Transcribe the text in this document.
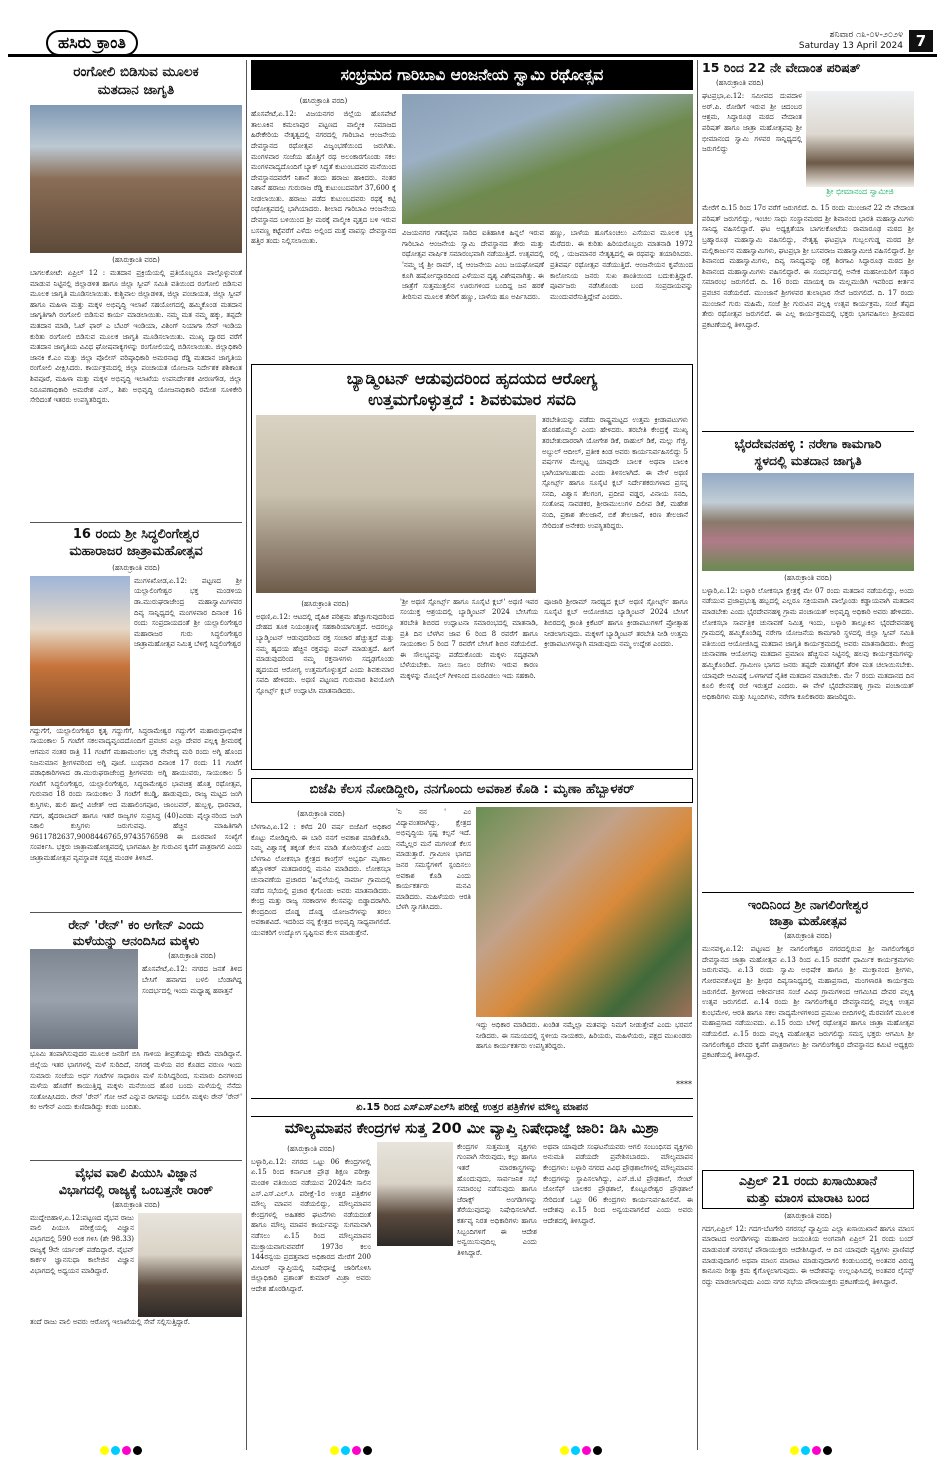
ಹಸಿರು ಕ್ರಾಂತಿ	ಶನಿವಾರ ೧೩-೦೪-೨೦೨೪
Saturday 13 April 2024 7
ರಂಗೋಲಿ ಬಿಡಿಸುವ ಮೂಲಕ
ಮತದಾನ ಜಾಗೃತಿ
(ಹಸಿರುಕ್ರಾಂತಿ ವರದಿ)

ಬಾಗಲಕೋಟೆ: ಏಪ್ರಿಲ್ 12 : ಮತದಾನ ಪ್ರಕ್ರಿಯೆಯಲ್ಲಿ ಪ್ರತಿಯೊಬ್ಬರೂ ಪಾಲ್ಗೊಳ್ಳುವಂತೆ ಮಾಡುವ ನಿಟ್ಟಿನಲ್ಲಿ ಜಿಲ್ಲಾಡಳಿತ ಹಾಗೂ ಜಿಲ್ಲಾ ಸ್ವೀಪ್ ಸಮಿತಿ ವತಿಯಿಂದ ರಂಗೋಲಿ ಬಿಡಿಸುವ ಮೂಲಕ ಜಾಗೃತಿ ಮೂಡಿಸಲಾಯಿತು. ಕುಶ್ಚಿವಾಲ ಜಿಲ್ಲಾಡಳಿತ, ಜಿಲ್ಲಾ ಪಂಚಾಯತ, ಜಿಲ್ಲಾ ಸ್ವೀಪ್ ಹಾಗೂ ಮಹಿಳಾ ಮತ್ತು ಮಕ್ಕಳ ಅಭಿವೃದ್ಧಿ ಇಲಾಖೆ ಸಹಯೋಗದಲ್ಲಿ ಹಮ್ಮಿಕೊಂಡ ಮತದಾನ ಜಾಗೃತಿಗಾಗಿ ರಂಗೋಲಿ ಬಿಡಿಸುವ ಕಾರ್ಯ ಮಾಡಲಾಯಿತು. ನಮ್ಮ ಮತ ನಮ್ಮ ಹಕ್ಕು, ತಪ್ಪದೇ ಮತದಾನ ಮಾಡಿ, ಓಟ್ ಫಾರ್ ಎ ಬೆಟರ್ ಇಂಡಿಯಾ, ವಿಶಿಂಗ್‌ ನಿಯಾಗಾ ಸೇವ್ ಇಂಡಿಯ ಕುರಿತು ರಂಗೋಲಿ ಬಿಡಿಸುವ ಮೂಲಕ ಜಾಗೃತಿ ಮೂಡಿಸಲಾಯಿತು. ಮುಖ್ಯ ದ್ವಾರದ ವರೆಗೆ ಮತದಾನ ಜಾಗೃತಿಯ ವಿವಿಧ ಘೋಷವಾಕ್ಯಗಳನ್ನು ರಂಗೋಲಿಯಲ್ಲಿ ಬಿಡಿಸಲಾಯಿತು. ಜಿಲ್ಲಾಧಿಕಾರಿ ಜಾನಕಿ ಕೆ.ಎಂ ಮತ್ತು ಜಿಲ್ಲಾ ಪೊಲೀಸ್ ವರಿಷ್ಠಾಧಿಕಾರಿ ಅಮರನಾಥ ರೆಡ್ಡಿ ಮತದಾನ ಜಾಗೃತಿಯ ರಂಗೋಲಿ ವೀಕ್ಷಿಸಿದರು. ಕಾರ್ಯಕ್ರಮದಲ್ಲಿ ಜಿಲ್ಲಾ ಪಂಚಾಯತ ಯೋಜನಾ ನಿರ್ದೇಶಕ ಶಶಿಕಾಂತ ಶಿವಪೂರೆ, ಮಹಿಳಾ ಮತ್ತು ಮಕ್ಕಳ ಅಭಿವೃದ್ಧಿ ಇಲಾಖೆಯ ಉಪನಿರ್ದೇಶಕ ವೀರಣಗೌಡ, ಜಿಲ್ಲಾ ನಿರೂಪಣಾಧಿಕಾರಿ ಅಮರೇಶ ಎಸ್., ಶಿಶು ಅಭಿವೃದ್ಧಿ ಯೋಜನಾಧಿಕಾರಿ ರಮೇಶ ಸೂಳಿಕೇರಿ ಸೇರಿದಂತೆ ಇತರರು ಉಪಸ್ಥಿತರಿದ್ದರು.

16 ರಂದು ಶ್ರೀ ಸಿದ್ಧಲಿಂಗೇಶ್ವರ
ಮಹಾರಾಜರ ಜಾತ್ರಾಮಹೋತ್ಸವ
(ಹಸಿರುಕ್ರಾಂತಿ ವರದಿ)

ಮುಗಳಖೋಡ,ಏ.12: ಪಟ್ಟಣದ ಶ್ರೀ ಯಲ್ಲಾಲಿಂಗೇಶ್ವರ ಭಕ್ತ ಮಂಡಳಿಯ ಡಾ.ಮುರುಘರಾಜೇಂದ್ರ ಮಹಾಸ್ವಾಮಿಗಳವರ ದಿವ್ಯ ಸಾನ್ನಿಧ್ಯದಲ್ಲಿ ಮಂಗಳವಾರ ದಿನಾಂಕ 16 ರಂದು ಸಂಪ್ರದಾಯದಂತೆ ಶ್ರೀ ಯಲ್ಲಾಲಿಂಗೇಶ್ವರ ಮಹಾರಾಜರ ಗುರು ಸಿದ್ಧಲಿಂಗೇಶ್ವರ ಜಾತ್ರಾಮಹೋತ್ಸವ ನಿಮಿತ್ತ ಬೆಳಿಗ್ಗೆ ಸಿದ್ಧಲಿಂಗೇಶ್ವರ

ಗದ್ದುಗೆಗೆ, ಯಲ್ಲಾಲಿಂಗೇಶ್ವರ ಕೃತೃ ಗದ್ದುಗೆಗೆ, ಸಿದ್ಧರಾಮೇಶ್ವರ ಗದ್ದುಗೆಗೆ ಮಹಾರುದ್ರಾಭಿಷೇಕ ಸಾಯಂಕಾಲ 5 ಗಂಟೆಗೆ ಸಕಲವಾದ್ಯವೃಂದದೊಂದಿಗೆ ಪ್ರವಚನ ಎಲ್ಲಾ ದೇವರ ಪಲ್ಲಕ್ಕಿ ಶ್ರೀಮಠಕ್ಕೆ ಆಗಮನ ನಂತರ ರಾತ್ರಿ 11 ಗಂಟೆಗೆ ಮಹಾಮಂಗಲ ಭಕ್ತ ನೇವೇದ್ಯ ಮರಿ ರಂದು ಅಗ್ನಿ ಹೊಂದ ನಿಜನುಮಾನ ಶ್ರೀಗಳವರಿಂದ ಅಗ್ನಿ ಪೂಜೆ. ಬುಧವಾರ ದಿನಾಂಕ 17 ರಂದು 11 ಗಂಟೆಗೆ ಪಡಾಧಿಕಾರಿಗಳಾದ ಡಾ.ಮುರುಘರಾಜೇಂದ್ರ ಶ್ರೀಗಳವರು ಅಗ್ನಿ ಹಾಯುವರು, ಸಾಯಂಕಾಲ 5 ಗಂಟೆಗೆ ಸಿದ್ಧಲಿಂಗೇಶ್ವರ, ಯಲ್ಲಾಲಿಂಗೇಶ್ವರ, ಸಿದ್ಧರಾಮೇಶ್ವರ ಭಾವಚಿತ್ರ ಹೊತ್ತ ರಥೋತ್ಸವ, ಗುರುವಾರ 18 ರಂದು ಸಾಯಂಕಾಲ 3 ಗಂಟೆಗೆ ಕಬಡ್ಡಿ, ಹಾಡುವುದು, ರಾಜ್ಯ ಮಟ್ಟದ ಜಂಗಿ ಕುಸ್ತಿಗಳು, ಹುಲಿ ಹಾಲ್ಗೆ ವಿಜೇತ್ ಆದ ಮಹಾಲಿಂಗಪೂರ, ಜಾಂಬವರ್, ಹುಬ್ಬಳ್ಳಿ, ಧಾರವಾಡ, ಗದಗ, ಹೈದರಾಬಾದ್ ಹಾಗೂ ಇತರೆ ರಾಜ್ಯಗಳ ಸುಪ್ರಸಿದ್ಧ (40)ಎರಡು ಪೈಲ್ವಾನರಿಂದ ಜಂಗಿ ನಿಕಾಲಿ ಕುಸ್ತಿಗಳು ಜರುಗುವವು. ಹೆಚ್ಚಿನ ಮಾಹಿತಿಗಾಗಿ 9611782637,9008446765,9743576598 ಈ ದೂರವಾಣಿ ಸಂಖ್ಯೆಗೆ ಸಂಪರ್ಕಿಸಿ. ಭಕ್ತರು ಜಾತ್ರಾಮಹೋತ್ಸವದಲ್ಲಿ ಭಾಗವಹಿಸಿ ಶ್ರೀ ಗುರುವಿನ ಕೃಪೆಗೆ ಪಾತ್ರರಾಗಲಿ ಎಂದು ಜಾತ್ರಾಮಹೋತ್ಸವ ವ್ಯವಸ್ಥಾಪಕ ಸದ್ಭಕ್ತ ಮಂಡಳಿ ತಿಳಿಸಿದೆ.

ರೇನ್ 'ರೇನ್' ಕಂ ಅಗೇನ್ ಎಂದು
ಮಳೆಯನ್ನು ಆನಂದಿಸಿದ ಮಕ್ಕಳು
(ಹಸಿರುಕ್ರಾಂತಿ ವರದಿ)

ಹೊಸಪೇಟೆ,ಏ.12: ನಗರದ ಜನತೆ ತಿಳಿದ ಬೇಸಿಗೆ ಹವಾಗದ ಬಳಲಿ ಬೆಂಡಾಗಿದ್ದ ಸಂದರ್ಭದಲ್ಲಿ ಇಂದು ಮಧ್ಯಾಹ್ನ ಹಠಾತ್ತನೆ

ಭೂಮಿ ತಂಪಾಗಿಸುವುದರ ಮೂಲಕ ಜನರಿಗೆ ಬಿಸಿ ಗಾಳಿಯ ತೀವ್ರತೆಯನ್ನು ಕಡಿಮೆ ಮಾಡಿದ್ದಾನೆ. ಜಿಲ್ಲೆಯ ಇತರ ಭಾಗಗಳಲ್ಲಿ ಮಳೆ ಸುರಿದಿದೆ, ನಗರಕ್ಕೆ ಮಳೆಯ ವರ ಕೊಡದ ವರುಣ ಇಂದು ಸುಮಾರು ಸಂಜೆಯ ಅರ್ಧ ಗಂಟೆಗಳ ಸಾಧಾರಣ ಮಳೆ ಸುರಿಸಿದ್ದರಿಂದ, ಸುಮಾರು ದಿನಗಳಿಂದ ಮಳೆಯ ಹೊಡೆಗೆ ಕಾಯುತ್ತಿದ್ದ ಮಕ್ಕಳು ಮನೆಯಿಂದ ಹೊರ ಬಂದು ಮಳೆಯಲ್ಲಿ ನೆನೆದು ಸಂತೋಷಿಸಿದರು. ರೇನ್ 'ರೇನ್' ಗೋ ಆವೆ ಎನ್ನುವ ರಾಗವನ್ನು ಬದಲಿಸಿ ಮಕ್ಕಳು ರೇನ್ 'ರೇನ್' ಕಂ ಅಗೇನ್ ಎಂದು ಕುಣಿದಾಡಿದ್ದು ಕಂಡು ಬಂದಿತು.

ವೈಭವ ವಾಲಿ ಪಿಯುಸಿ ವಿಜ್ಞಾನ
ವಿಭಾಗದಲ್ಲಿ ರಾಜ್ಯಕ್ಕೆ ಒಂಬತ್ತನೇ ರಾಂಕ್
(ಹಸಿರುಕ್ರಾಂತಿ ವರದಿ)

ಮುದ್ದೇಬಿಹಾಳ,ಏ.12:ಪಟ್ಟಣದ ವೈಭವ ರಾಜು ವಾಲಿ ಪಿಯುಸಿ ಪರೀಕ್ಷೆಯಲ್ಲಿ ವಿಜ್ಞಾನ ವಿಭಾಗದಲ್ಲಿ 590 ಅಂಕ ಗಳಿಸಿ (ಶೇ 98.33) ರಾಜ್ಯಕ್ಕೆ 9ನೇ ರ್ಯಾಂಕ್ ಪಡೆದಿದ್ದಾರೆ. ವೈಭವ್ ಕಾರ್ಕಳ ಜ್ಞಾನಸುಧಾ ಕಾಲೇಜಿನ ವಿಜ್ಞಾನ ವಿಭಾಗದಲ್ಲಿ ಅಧ್ಯಯನ ಮಾಡಿದ್ದಾರೆ.

ತಂದೆ ರಾಜು ವಾಲಿ ಅವರು ಆರೋಗ್ಯ ಇಲಾಖೆಯಲ್ಲಿ ಸೇವೆ ಸಲ್ಲಿಸುತ್ತಿದ್ದಾರೆ.

ಸಂಭ್ರಮದ ಗಾರಿಬಾವಿ ಆಂಜನೇಯ ಸ್ವಾಮಿ ರಥೋತ್ಸವ
(ಹಸಿರುಕ್ರಾಂತಿ ವರದಿ)

ಹೊಸಪೇಟೆ,ಏ.12: ವಿಜಯನಗರ ಜಿಲ್ಲೆಯ ಹೊಸಪೇಟೆ ತಾಲೂಕಿನ ಕಮಲಾಪುರ ಪಟ್ಟಣದ ವಾಲ್ಮೀಕಿ ಸಮಾಜದ ಹಿರೇಕೇರಿಯ ನೇತೃತ್ವದಲ್ಲಿ ನಗರದಲ್ಲಿ ಗಾರಿಬಾವಿ ಆಂಜನೇಯ ದೇವಸ್ಥಾನದ ರಥೋತ್ಸವ ವಿಜೃಂಭಣೆಯಿಂದ ಜರುಗಿತು. ಮಂಗಳವಾರ ಸಂಜೆಯ ಹೊತ್ತಿಗೆ ರಥ ಅಲಂಕಾರಗೊಂಡು ಸಕಲ ಮಂಗಳವಾದ್ಯದೊಂದಿಗೆ ಬ್ಯಾಕ್ ಸಿದ್ಧತೆ ಕುಟುಂಬದವರ ಮನೆಯಿಂದ ದೇವಸ್ಥಾನದವರೆಗೆ ನಿಶಾನೆ ತಂದು ಹರಾಜು ಹಾಕಿದರು. ನಂತರ ನಿಶಾನೆ ಹರಾಜು ಗುರುರಾಜ ರೆಡ್ಡಿ ಕುಟುಂಬದವರಿಗೆ 37,600 ಕ್ಕೆ ನೀಡಲಾಯಿತು. ಹರಾಜು ಪಡೆದ ಕುಟುಂಬದವರು ರಥಕ್ಕೆ ಕಟ್ಟಿ ರಥೋತ್ಸವದಲ್ಲಿ ಭಾಗಿಯಾದರು. ಶೀಲಾದ ಗಾರಿಬಾವಿ ಆಂಜನೇಯ ದೇವಸ್ಥಾನದ ಬಳಿಯಿಂದ ಶ್ರೀ ಮಠಕ್ಕೆ ವಾಲ್ಮೀಕಿ ವೃತ್ತದ ಬಳಿ ಇರುವ ಬಸವಣ್ಣ ಕಟ್ಟೆವರೆಗೆ ಎಳೆದು ಅಲ್ಲಿಂದ ಮತ್ತೆ ವಾಪಸ್ಸು ದೇವಸ್ಥಾನದ ಹತ್ತಿರ ತಂದು ನಿಲ್ಲಿಸಲಾಯಿತು.

ವಿಜಯನಗರ ಗತವೈಭವ ಸಾರಿದ ಐತಿಹಾಸಿಕ ಹಿನ್ನಲೆ ಇರುವ ಗಾರಿಬಾವಿ ಆಂಜನೇಯ ಸ್ವಾಮಿ ದೇವಸ್ಥಾನದ ತೇರು ಮತ್ತು ರಥೋತ್ಸವ ವಾರ್ಷಿಕ ಸಮಾರಂಭವಾಗಿ ನಡೆಯುತ್ತಿದೆ. ಉತ್ಸವದಲ್ಲಿ 'ನಮ್ಮ ಜೈ ಶ್ರೀ ರಾಮ್, ಜೈ ಆಂಜನೇಯ ಎಂಬ ಜಯಘೋಷಣೆ ಕೂಗಿ ಹರ್ಷೋದ್ಗಾರದಿಂದ ಎಳೆಯುವ ದೃಶ್ಯ ವಿಶೇಷವಾಗಿತ್ತು. ಈ ಜಾತ್ರೆಗೆ ಸುತ್ತಮುತ್ತಲಿನ ಊರುಗಳಿಂದ ಬಂದಿದ್ದ ಜನ ಹರಕೆ ತೀರಿಸುವ ಮೂಲಕ ತೇರಿಗೆ ಹಣ್ಣು, ಬಾಳೆಯ ಹೂ ಅರ್ಪಿಸಿದರು.

ಹಣ್ಣು, ಬಾಳೆಯ ಹೂಗೊಂಚಲು ಎಸೆಯುವ ಮೂಲಕ ಭಕ್ತಿ ಮೆರೆದರು. ಈ ಕುರಿತು ಹಿರಿಯರೊಬ್ಬರು ಮಾತನಾಡಿ 1972 ರಲ್ಲಿ , ಯಜಮಾನರ ನೇತೃತ್ವದಲ್ಲಿ ಈ ರಥವನ್ನು ತಯಾರಿಸಿದರು. ಪ್ರತಿವರ್ಷ ರಥೋತ್ಸವ ನಡೆಯುತ್ತಿದೆ. ಆಂಜನೇಯನ ಕೃಪೆಯಿಂದ ಕಾಲೋನಿಯ ಜನರು ಸುಖ ಶಾಂತಿಯಿಂದ ಬದುಕುತ್ತಿದ್ದಾರೆ. ಪೂರ್ವಜರು ನಡೆಸಿಕೊಂಡು ಬಂದ ಸಂಪ್ರದಾಯವನ್ನು ಮುಂದುವರೆಸುತ್ತಿದ್ದೇವೆ ಎಂದರು.

ಬ್ಯಾಡ್ಮಿಂಟನ್ ಆಡುವುದರಿಂದ ಹೃದಯದ ಆರೋಗ್ಯ
ಉತ್ತಮಗೊಳ್ಳುತ್ತದೆ : ಶಿವಕುಮಾರ ಸವದಿ

ತರಬೇತಿಯನ್ನು ಪಡೆದು ರಾಷ್ಟ್ರಮಟ್ಟದ ಉತ್ತಮ ಕ್ರೀಡಾಪಟುಗಳು ಹೊರಹೊಮ್ಮಲಿ ಎಂದು ಹೇಳಿದರು. ತರಬೇತಿ ಕೇಂದ್ರಕ್ಕೆ ಮುಖ್ಯ ತರಬೇತುದಾರರಾಗಿ ಯೋಗೇಶ ಡಿಕೆ, ರಾಹುಲ್ ಡಿಕೆ, ಮಲ್ಲು ಗೆಜ್ಜಿ, ಅಬ್ದುಲ್ ಆದೀಲ್, ಪ್ರತೀಕ ಕಿಂಡ ಅವರು ಕಾರ್ಯನಿರ್ವಹಿಸಲಿದ್ದು 5 ವರ್ಷಗಳ ಮೇಲ್ಪಟ್ಟ ಯಾವುದೇ ಬಾಲಕ ಅಥವಾ ಬಾಲಕಿ ಭಾಗಿಯಾಗಬಹುದು ಎಂದು ತಿಳಿಸಲಾಗಿದೆ. ಈ ವೇಳೆ ಅಥಣಿ ಸ್ಪೋರ್ಟ್ಸ್ ಹಾಗೂ ಸೂಸೈಟಿ ಕ್ಲಬ್ ನಿರ್ದೇಶಕರುಗಳಾದ ಪ್ರಸನ್ನ ಸನದಿ, ವಿಶ್ವಾಸ ತೆಲಗಂಗ, ಪ್ರದೀಪ ವಡ್ಡರ, ವಿನಾಯ ಸನದಿ, ಸಂತೋಷ ಸಾವಡಕರ, ಶ್ರೀರಾಮುಲುಗಳ ದಿಲೀಪ ಡಿಕೆ, ಮಹೇಶ ನಂದಿ, ಪ್ರಕಾಶ ತೇಲಜಾನೆ, ಬಿಕೆ ತೇಲಜಾನೆ, ಕಿರಣ ತೇಲಜಾನೆ ಸೇರಿದಂತೆ ಅನೇಕರು ಉಪಸ್ಥಿತರಿದ್ದರು.

(ಹಸಿರುಕ್ರಾಂತಿ ವರದಿ)

ಅಥಣಿ,ಏ.12: ಆಟದಲ್ಲಿ ದೈಹಿಕ ಪರಿಶ್ರಮ ಹೆಚ್ಚಾಗುವುದರಿಂದ ದೇಹದ ತೂಕ ನಿಯಂತ್ರಣಕ್ಕೆ ಸಹಕಾರಿಯಾಗುತ್ತದೆ. ಅದರಲ್ಲೂ ಬ್ಯಾಡ್ಮಿಂಟನ್ ಆಡುವುದರಿಂದ ರಕ್ತ ಸಂಚಾರ ಹೆಚ್ಚುತ್ತದೆ ಮತ್ತು ನಮ್ಮ ಹೃದಯ ಹೆಚ್ಚಿನ ರಕ್ತವನ್ನು ಪಂಪ್ ಮಾಡುತ್ತದೆ. ಹೀಗೆ ಮಾಡುವುದರಿಂದ ನಮ್ಮ ರಕ್ತನಾಳಗಳು ಸದೃಢಗೊಂಡು ಹೃದಯದ ಆರೋಗ್ಯ ಉತ್ತಮಗೊಳ್ಳುತ್ತದೆ ಎಂದು ಶಿವಕುಮಾರ ಸವದಿ ಹೇಳಿದರು. ಅಥಣಿ ಪಟ್ಟಣದ ಗುರುವಾರ ಶಿವಯೋಗಿ ಸ್ಪೋರ್ಟ್ಸ್ ಕ್ಲಬ್ ಉದ್ಘಾಟಿಸಿ ಮಾತನಾಡಿದರು.

'ಶ್ರೀ ಅಥಣಿ ಸ್ಪೋರ್ಟ್ಸ್ ಹಾಗೂ ಸೂಸೈಟಿ ಕ್ಲಬ್' ಅಥಣಿ ಇವರ ಸಂಯುಕ್ತ ಆಶ್ರಯದಲ್ಲಿ ಬ್ಯಾಡ್ಮಿಂಟನ್ 2024 ಬೇಸಿಗೆಯ ತರಬೇತಿ ಶಿಬಿರದ ಉದ್ಘಾಟನಾ ಸಮಾರಂಭದಲ್ಲಿ ಮಾತನಾಡಿ, ಪ್ರತಿ ದಿನ ಬೆಳಗಿನ ಜಾವ 6 ರಿಂದ 8 ರವರೆಗೆ ಹಾಗೂ ಸಾಯಂಕಾಲ 5 ರಿಂದ 7 ರವರೆಗೆ ಬೇಸಿಗೆ ಶಿಬಿರ ನಡೆಯಲಿದೆ. ಈ ಸೌಲಭ್ಯವನ್ನು ಪಡೆದುಕೊಂಡು ಮಕ್ಕಳು ಸದೃಢವಾಗಿ ಬೆಳೆಯಬೇಕು. ಸಾಲು ಸಾಲು ರಜೆಗಳು ಇರುವ ಕಾರಣ ಮಕ್ಕಳನ್ನು ಮೊಬೈಲ್ ಗೀಳಿನಿಂದ ದೂರವಿಡಲು ಇದು ಸಹಕಾರಿ.

ಪೂಜಾರಿ ಶ್ರೀರಾಮ್ ಸಾರಥ್ಯದ ಕ್ಲಬ್ ಅಥಣಿ ಸ್ಪೋರ್ಟ್ಸ್ ಹಾಗೂ ಸೂಸೈಟಿ ಕ್ಲಬ್ ಆಯೋಜಿಸಿದ ಬ್ಯಾಡ್ಮಿಂಟನ್ 2024 ಬೇಸಿಗೆ ಶಿಬಿರದಲ್ಲಿ ಕ್ರಾಂತಿ ಕ್ರಿಕೆಟರ್ ಹಾಗೂ ಕ್ರೀಡಾಪಟುಗಳಿಗೆ ಪ್ರೋತ್ಸಾಹ ನೀಡಲಾಗುವುದು. ಮಕ್ಕಳಿಗೆ ಬ್ಯಾಡ್ಮಿಂಟನ್ ತರಬೇತಿ ನೀಡಿ ಉತ್ತಮ ಕ್ರೀಡಾಪಟುಗಳನ್ನಾಗಿ ಮಾಡುವುದು ನಮ್ಮ ಉದ್ದೇಶ ಎಂದರು.

ಬಿಜೆಪಿ ಕೆಲಸ ನೋಡಿದ್ದೀರಿ, ನನಗೊಂದು ಅವಕಾಶ ಕೊಡಿ : ಮೃಣಾ ಹೆಬ್ಬಾಳಕರ್
(ಹಸಿರುಕ್ರಾಂತಿ ವರದಿ)

ಬೆಳಗಾವಿ,ಏ.12 : ಕಳೆದ 20 ವರ್ಷ ಬಿಜೆಪಿಗೆ ಅಧಿಕಾರ ಕೊಟ್ಟು ನೋಡಿದ್ದೀರಿ. ಈ ಬಾರಿ ನನಗೆ ಅವಕಾಶ ಮಾಡಿಕೊಡಿ. ನಿಮ್ಮ ವಿಶ್ವಾಸಕ್ಕೆ ತಕ್ಕಂತೆ ಕೆಲಸ ಮಾಡಿ ತೋರಿಸುತ್ತೇನೆ ಎಂದು ಬೆಳಗಾವಿ ಲೋಕಸಭಾ ಕ್ಷೇತ್ರದ ಕಾಂಗ್ರೆಸ್ ಅಭ್ಯರ್ಥಿ ಮೃಣಾಲ ಹೆಬ್ಬಾಳಕರ್ ಮತದಾರರಲ್ಲಿ ಮನವಿ ಮಾಡಿದರು. ಲೋಕಸಭಾ ಚುನಾವಣೆಯ ಪ್ರಚಾರದ 'ಹಿನ್ನೆಲೆಯಲ್ಲಿ ನಾರ್ಮಾ ಗ್ರಾಮದಲ್ಲಿ ನಡೆದ ಸಭೆಯಲ್ಲಿ ಪ್ರಚಾರ ಕೈಗೊಂಡು ಅವರು ಮಾತನಾಡಿದರು. ಕೇಂದ್ರ ಮತ್ತು ರಾಜ್ಯ ಸರಕಾರಗಳ ಕೆಲಸವನ್ನು ಬಿಡ್ಡಾದರಾಗಿರಿ. ಕೇಂದ್ರದಿಂದ ದೊಡ್ಡ ದೊಡ್ಡ ಯೋಜನೆಗಳನ್ನು ತರಲು ಅವಕಾಶವಿದೆ. ಇದರಿಂದ ನನ್ನ ಕ್ಷೇತ್ರದ ಅಭಿವೃದ್ಧಿ ಸಾಧ್ಯವಾಗಲಿದೆ. ಯುವಕರಿಗೆ ಉದ್ಯೋಗ ಸೃಷ್ಟಿಸುವ ಕೆಲಸ ಮಾಡುತ್ತೇನೆ.

'ನಿ ನನ ' ಎಂ ವಿದ್ಯಾವಂತರಾಗಿದ್ದು, ಕ್ಷೇತ್ರದ ಅಭಿವೃದ್ಧಿಯ ಸ್ಪಷ್ಟ ಕಲ್ಪನೆ ಇದೆ. ನಮ್ಮೆಲ್ಲರ ಮನೆ ಮಗಳಂತೆ ಕೆಲಸ ಮಾಡುತ್ತಾರೆ. ಗ್ರಾಮೀಣ ಭಾಗದ ಜನರ ಸಮಸ್ಯೆಗಳಿಗೆ ಸ್ಪಂದಿಸಲು ಅವಕಾಶ ಕೊಡಿ ಎಂದು ಕಾರ್ಯಕರ್ತರು ಮನವಿ ಮಾಡಿದರು. ಮಹಿಳೆಯರು ಆರತಿ ಬೆಳಗಿ ಸ್ವಾಗತಿಸಿದರು.

ಇದ್ದು ಅಧಿಕಾರ ಮಾಡಿದರು. ಖಂಡಿತ ನಮ್ಮೆಲ್ಲಾ ಮತವನ್ನು ನಿಮಗೆ ನೀಡುತ್ತೇವೆ ಎಂದು ಭರವಸೆ ನೀಡಿದರು. ಈ ಸಮಯದಲ್ಲಿ ಸ್ಥಳೀಯ ನಾಯಕರು, ಹಿರಿಯರು, ಮಹಿಳೆಯರು, ಪಕ್ಷದ ಮುಖಂಡರು ಹಾಗೂ ಕಾರ್ಯಕರ್ತರು ಉಪಸ್ಥಿತರಿದ್ದರು.

****
ಏ.15 ರಿಂದ ಎಸ್‌ಎಸ್‌ಎಲ್‌ಸಿ ಪರೀಕ್ಷೆ ಉತ್ತರ ಪತ್ರಿಕೆಗಳ ಮೌಲ್ಯ ಮಾಪನ
ಮೌಲ್ಯಮಾಪನ ಕೇಂದ್ರಗಳ ಸುತ್ತ 200 ಮೀ ವ್ಯಾಪ್ತಿ ನಿಷೇಧಾಜ್ಞೆ ಜಾರಿ: ಡಿಸಿ ಮಿಶ್ರಾ
(ಹಸಿರುಕ್ರಾಂತಿ ವರದಿ)

ಬಳ್ಳಾರಿ,ಏ.12: ನಗರದ ಒಟ್ಟು 06 ಕೇಂದ್ರಗಳಲ್ಲಿ ಏ.15 ರಿಂದ ಕರ್ನಾಟಕ ಪ್ರೌಢ ಶಿಕ್ಷಣ ಪರೀಕ್ಷಾ ಮಂಡಳಿ ವತಿಯಿಂದ ನಡೆಯುವ 2024ನೇ ಸಾಲಿನ ಎಸ್.ಎಸ್.ಎಲ್.ಸಿ ಪರೀಕ್ಷೆ-1ರ ಉತ್ತರ ಪತ್ರಿಕೆಗಳ ಮೌಲ್ಯ ಮಾಪನ ನಡೆಯಲಿದ್ದು, ಮೌಲ್ಯಮಾಪನ ಕೇಂದ್ರಗಳಲ್ಲಿ ಅಹಿತಕರ ಘಟನೆಗಳು ನಡೆಯದಂತೆ ಹಾಗೂ ಮೌಲ್ಯ ಮಾಪನ ಕಾರ್ಯವನ್ನು ಸುಗಮವಾಗಿ ನಡೆಸಲು ಏ.15 ರಿಂದ ಮೌಲ್ಯಮಾಪನ ಮುಕ್ತಾಯವಾಗುವವರೆಗೆ 1973ರ ಕಲಂ 144ರನ್ವಯ ಪ್ರದತ್ತವಾದ ಅಧಿಕಾರದ ಮೇರೆಗೆ 200 ಮೀಟರ್ ವ್ಯಾಪ್ತಿಯಲ್ಲಿ ನಿಷೇಧಾಜ್ಞೆ ಜಾರಿಗೊಳಿಸಿ ಜಿಲ್ಲಾಧಿಕಾರಿ ಪ್ರಶಾಂತ್ ಕುಮಾರ್ ಮಿಶ್ರಾ ಅವರು ಆದೇಶ ಹೊರಡಿಸಿದ್ದಾರೆ.

ಕೇಂದ್ರಗಳ ಸುತ್ತಮುತ್ತ ವ್ಯಕ್ತಿಗಳು ಗುಂಪಾಗಿ ಸೇರುವುದು, ಕಲ್ಲು ಹಾಗೂ ಇತರೆ ಮಾರಕಾಸ್ತ್ರಗಳನ್ನು ಹೊಂದುವುದು, ಸಾರ್ವಜನಿಕ ಸಭೆ ಸಮಾರಂಭ ನಡೆಸುವುದು ಹಾಗೂ ಜೆರಾಕ್ಸ್ ಅಂಗಡಿಗಳನ್ನು ತೆರೆಯುವುದನ್ನು ನಿಷೇಧಿಸಲಾಗಿದೆ. ಕರ್ತವ್ಯ ನಿರತ ಅಧಿಕಾರಿಗಳು ಹಾಗೂ ಸಿಬ್ಬಂದಿಗಳಿಗೆ ಈ ಆದೇಶ ಅನ್ವಯಿಸುವುದಿಲ್ಲ ಎಂದು ತಿಳಿಸಿದ್ದಾರೆ.

ಅಥವಾ ಯಾವುದೇ ಸಂಘಟನೆಯವರು ಆಗಲಿ ಸಂಬಂಧಿಸದ ವ್ಯಕ್ತಿಗಳು ಅನುಮತಿ ಪಡೆಯದೇ ಪ್ರವೇಶಿಸಬಾರದು. ಮೌಲ್ಯಮಾಪನ ಕೇಂದ್ರಗಳು: ಬಳ್ಳಾರಿ ನಗರದ ವಿವಿಧ ಪ್ರೌಢಶಾಲೆಗಳಲ್ಲಿ ಮೌಲ್ಯಮಾಪನ ಕೇಂದ್ರಗಳನ್ನು ಸ್ಥಾಪಿಸಲಾಗಿದ್ದು, ಎಸ್.ಜಿ.ಟಿ ಪ್ರೌಢಶಾಲೆ, ಸೇಂಟ್ ಜೋಸೆಫ್ ಬಾಲಕರ ಪ್ರೌಢಶಾಲೆ, ಕೊಟ್ಟೂರೇಶ್ವರ ಪ್ರೌಢಶಾಲೆ ಸೇರಿದಂತೆ ಒಟ್ಟು 06 ಕೇಂದ್ರಗಳು ಕಾರ್ಯನಿರ್ವಹಿಸಲಿವೆ. ಈ ಆದೇಶವು ಏ.15 ರಿಂದ ಅನ್ವಯವಾಗಲಿದೆ ಎಂದು ಅವರು ಆದೇಶದಲ್ಲಿ ತಿಳಿಸಿದ್ದಾರೆ.

15 ರಿಂದ 22 ನೇ ವೇದಾಂತ ಪರಿಷತ್
(ಹಸಿರುಕ್ರಾಂತಿ ವರದಿ)

ಘಟಪ್ರಭಾ,ಏ.12: ಸಮೀಪದ ದುಪದಾಳ ಅರ್.ಪಿ. ರೋಡಿಗೆ ಇರುವ ಶ್ರೀ ಚಿದಂಬರ ಆಶ್ರಮ, ಸಿದ್ಧಾರೂಢ ಮಠದ ವೇದಾಂತ ಪರಿಷತ್ ಹಾಗೂ ಜಾತ್ರಾ ಮಹೋತ್ಸವವು ಶ್ರೀ ಭೀಮಾನಂದ ಸ್ವಾಮಿ ಗಳವರ ಸಾನ್ನಿಧ್ಯದಲ್ಲಿ ಜರುಗಲಿದ್ದು

ಶ್ರೀ ಭೀಮಾನಂದ ಸ್ವಾಮೀಜಿ

ಮೇರೆಗೆ ದಿ.15 ರಿಂದ 17ರ ವರೆಗೆ ಜರುಗಲಿದೆ. ದಿ. 15 ರಂದು ಮುಂಜಾನೆ 22 ನೇ ವೇದಾಂತ ಪರಿಷತ್ ಜರುಗಲಿದ್ದು, ಇಂಚಲ ಸಾಧು ಸಂಸ್ಥಾನಮಠದ ಶ್ರೀ ಶಿವಾನಂದ ಭಾರತಿ ಮಹಾಸ್ವಾಮಿಗಳು ಸಾನಿಧ್ಯ ವಹಿಸಲಿದ್ದಾರೆ. ಘಟ ಅಧ್ಯಕ್ಷತೆಯಾ ಬಾಗಲಕೋಟೆಯ ರಾಮಾರೂಢ ಮಠದ ಶ್ರೀ ಬ್ರಹ್ಮಾರೂಢ ಮಹಾಸ್ವಾಮಿ ವಹಿಸಲಿದ್ದು, ನೇತೃತ್ವ ಘಟಪ್ರಭಾ ಗುಬ್ಬಲಗುಡ್ಡ ಮಠದ ಶ್ರೀ ಮಲ್ಲಿಕಾರ್ಜುನ ಮಹಾಸ್ವಾಮಿಗಳು, ಘಟಪ್ರಭಾ ಶ್ರೀ ಬಸವರಾಜ ಮಹಾಸ್ವಾಮೀಜಿ ವಹಿಸಲಿದ್ದಾರೆ. ಶ್ರೀ ಶಿವಾನಂದ ಮಹಾಸ್ವಾಮಿಗಳು, ದಿವ್ಯ ಸಾನಿಧ್ಯವನ್ನು ರಕ್ಷೆ ಶಿರಗಾವಿ ಸಿದ್ಧಾರೂಢ ಮಠದ ಶ್ರೀ ಶಿವಾನಂದ ಮಹಾಸ್ವಾಮಿಗಳು ವಹಿಸಲಿದ್ದಾರೆ. ಈ ಸಂದರ್ಭದಲ್ಲಿ ಅನೇಕ ಮಹನೀಯರಿಗೆ ಸತ್ಕಾರ ಸಮಾರಂಭ ಜರುಗಲಿದೆ. ದಿ. 16 ರಂದು ಮಾಯಕ್ಕ ರಾ ಮಲ್ಲಮುಡಿಗಿ ಇವರಿಂದ ಕೀರ್ತನ ಪ್ರವಚನ ನಡೆಯಲಿದೆ. ಮುಂಜಾನೆ ಶ್ರೀಗಳವರ ತುಲಾಭಾರ ಸೇವೆ ಜರುಗಲಿದೆ. ದಿ. 17 ರಂದು ಮುಂಜಾನೆ ಗುರು ಮಹಿಮೆ, ಸಂಜೆ ಶ್ರೀ ಗುರುವಿನ ಪಲ್ಲಕ್ಕಿ ಉತ್ಸವ ಕಾರ್ಯಕ್ರಮ, ಸಂಜೆ ತೆಪ್ಪದ ತೇರು ರಥೋತ್ಸವ ಜರುಗಲಿದೆ. ಈ ಎಲ್ಲ ಕಾರ್ಯಕ್ರಮದಲ್ಲಿ ಭಕ್ತರು ಭಾಗವಹಿಸಲು ಶ್ರೀಮಠದ ಪ್ರಕಟಣೆಯಲ್ಲಿ ತಿಳಿಸಿದ್ದಾರೆ.

ಭೈರದೇವನಹಳ್ಳಿ : ನರೇಗಾ ಕಾಮಗಾರಿ
ಸ್ಥಳದಲ್ಲಿ ಮತದಾನ ಜಾಗೃತಿ
(ಹಸಿರುಕ್ರಾಂತಿ ವರದಿ)

ಬಳ್ಳಾರಿ,ಏ.12: ಬಳ್ಳಾರಿ ಲೋಕಸಭಾ ಕ್ಷೇತ್ರಕ್ಕೆ ಮೇ 07 ರಂದು ಮತದಾನ ನಡೆಯಲಿದ್ದು, ಅಂದು ನಡೆಯುವ ಪ್ರಜಾಪ್ರಭುತ್ವ ಹಬ್ಬದಲ್ಲಿ ಎಲ್ಲರೂ ಸಕ್ರಿಯವಾಗಿ ಪಾಲ್ಗೊಂಡು ಕಡ್ಡಾಯವಾಗಿ ಮತದಾನ ಮಾಡಬೇಕು ಎಂದು ಭೈರದೇವನಹಳ್ಳಿ ಗ್ರಾಮ ಪಂಚಾಯತ್ ಅಭಿವೃದ್ಧಿ ಅಧಿಕಾರಿ ಅವರು ಹೇಳಿದರು. ಲೋಕಸಭಾ ಸಾರ್ವತ್ರಿಕ ಚುನಾವಣೆ ನಿಮಿತ್ತ ಇಂದು, ಬಳ್ಳಾರಿ ತಾಲ್ಲೂಕಿನ ಭೈರದೇವನಹಳ್ಳಿ ಗ್ರಾಮದಲ್ಲಿ ಹಮ್ಮಿಕೊಂಡಿದ್ದ ನರೇಗಾ ಯೋಜನೆಯ ಕಾಮಗಾರಿ ಸ್ಥಳದಲ್ಲಿ ಜಿಲ್ಲಾ ಸ್ವೀಪ್ ಸಮಿತಿ ವತಿಯಿಂದ ಆಯೋಜಿಸಿದ್ದ ಮತದಾನ ಜಾಗೃತಿ ಕಾರ್ಯಕ್ರಮದಲ್ಲಿ ಅವರು ಮಾತನಾಡಿದರು. ಕೇಂದ್ರ ಚುನಾವಣಾ ಆಯೋಗವು ಮತದಾನ ಪ್ರಮಾಣ ಹೆಚ್ಚಿಸುವ ನಿಟ್ಟಿನಲ್ಲಿ ಹಲವು ಕಾರ್ಯಕ್ರಮಗಳನ್ನು ಹಮ್ಮಿಕೊಂಡಿದೆ. ಗ್ರಾಮೀಣ ಭಾಗದ ಜನರು ತಪ್ಪದೇ ಮತಗಟ್ಟೆಗೆ ತೆರಳಿ ಮತ ಚಲಾಯಿಸಬೇಕು. ಯಾವುದೇ ಆಮಿಷಕ್ಕೆ ಒಳಗಾಗದೆ ನೈತಿಕ ಮತದಾನ ಮಾಡಬೇಕು. ಮೇ 7 ರಂದು ಮತದಾನದ ದಿನ ಕೂಲಿ ಕೆಲಸಕ್ಕೆ ರಜೆ ಇರುತ್ತದೆ ಎಂದರು. ಈ ವೇಳೆ ಭೈರದೇವನಹಳ್ಳಿ ಗ್ರಾಮ ಪಂಚಾಯತ್ ಅಧಿಕಾರಿಗಳು ಮತ್ತು ಸಿಬ್ಬಂದಿಗಳು, ನರೇಗಾ ಕೂಲಿಕಾರರು ಹಾಜರಿದ್ದರು.

ಇಂದಿನಿಂದ ಶ್ರೀ ನಾಗಲಿಂಗೇಶ್ವರ
ಜಾತ್ರಾ ಮಹೋತ್ಸವ
(ಹಸಿರುಕ್ರಾಂತಿ ವರದಿ)

ಮುನವಳ್ಳಿ,ಏ.12: ಪಟ್ಟಣದ ಶ್ರೀ ನಾಗಲಿಂಗೇಶ್ವರ ನಗರದಲ್ಲಿರುವ ಶ್ರೀ ನಾಗಲಿಂಗೇಶ್ವರ ದೇವಸ್ಥಾನದ ಜಾತ್ರಾ ಮಹೋತ್ಸವ ಏ.13 ರಿಂದ ಏ.15 ರವರೆಗೆ ಧಾರ್ಮಿಕ ಕಾರ್ಯಕ್ರಮಗಳು ಜರುಗುವವು. ಏ.13 ರಂದು ಸ್ವಾಮಿ ಅಭಿಷೇಕ ಹಾಗೂ ಶ್ರೀ ಮುಕ್ತಾನಂದ ಶ್ರೀಗಳು, ಗೋರವನಕೊಳ್ಳದ ಶ್ರೀ ಶ್ರೀಧರ ದಿವ್ಯಸಾನಿಧ್ಯದಲ್ಲಿ ಮಹಾಪ್ರಸಾದ, ಮಂಗಳಾರತಿ ಕಾರ್ಯಕ್ರಮ ಜರುಗಲಿದೆ. ಶ್ರೀಗಳಿಂದ ಆಶೀರ್ವಚನ ಸಂಜೆ ವಿವಿಧ ಗ್ರಾಮಗಳಿಂದ ಆಗಮಿಸಿದ ದೇವರ ಪಲ್ಲಕ್ಕಿ ಉತ್ಸವ ಜರುಗಲಿದೆ. ಏ.14 ರಂದು ಶ್ರೀ ನಾಗಲಿಂಗೇಶ್ವರ ದೇವಸ್ಥಾನದಲ್ಲಿ ಪಲ್ಲಕ್ಕಿ ಉತ್ಸವ ಕುಂಭಮೇಳ, ಆರತಿ ಹಾಗೂ ಸಕಲ ವಾದ್ಯಮೇಳಗಳಿಂದ ಪ್ರಮುಖ ಬೀದಿಗಳಲ್ಲಿ ಮೆರವಣಿಗೆ ಮೂಲಕ ಮಹಾಪ್ರಸಾದ ನಡೆಯುವದು. ಏ.15 ರಂದು ಬೆಳಿಗ್ಗೆ ರಥೋತ್ಸವ ಹಾಗೂ ಜಾತ್ರಾ ಮಹೋತ್ಸವ ನಡೆಯಲಿದೆ. ಏ.15 ರಂದು ಪಲ್ಲಕ್ಕಿ ಮಹೋತ್ಸವ ಜರುಗಲಿದ್ದು ಸಮಸ್ತ ಭಕ್ತರು ಆಗಮಿಸಿ ಶ್ರೀ ನಾಗಲಿಂಗೇಶ್ವರ ದೇವರ ಕೃಪೆಗೆ ಪಾತ್ರರಾಗಲು ಶ್ರೀ ನಾಗಲಿಂಗೇಶ್ವರ ದೇವಸ್ಥಾನದ ಕಮಿಟಿ ಅಧ್ಯಕ್ಷರು ಪ್ರಕಟಣೆಯಲ್ಲಿ ತಿಳಿಸಿದ್ದಾರೆ.

ಎಪ್ರಿಲ್ 21 ರಂದು ಖಸಾಯಿಖಾನೆ
ಮತ್ತು ಮಾಂಸ ಮಾರಾಟ ಬಂದ
(ಹಸಿರುಕ್ರಾಂತಿ ವರದಿ)

ಗದಗ,ಏಪ್ರಿಲ್ 12: ಗದಗ-ಬೆಟಗೇರಿ ನಗರಸಭೆ ವ್ಯಾಪ್ತಿಯ ಎಲ್ಲಾ ಖಸಾಯಿಖಾನೆ ಹಾಗೂ ಮಾಂಸ ಮಾರಾಟದ ಅಂಗಡಿಗಳನ್ನು ಮಹಾವೀರ ಜಯಂತಿಯ ಅಂಗವಾಗಿ ಏಪ್ರಿಲ್ 21 ರಂದು ಬಂದ್ ಮಾಡುವಂತೆ ನಗರಸಭೆ ಪೌರಾಯುಕ್ತರು ಆದೇಶಿಸಿದ್ದಾರೆ. ಆ ದಿನ ಯಾವುದೇ ವ್ಯಕ್ತಿಗಳು ಪ್ರಾಣಿವಧೆ ಮಾಡುವುದಾಗಲಿ ಅಥವಾ ಮಾಂಸ ಮಾರಾಟ ಮಾಡುವುದಾಗಲಿ ಕಂಡುಬಂದಲ್ಲಿ ಅಂತವರ ವಿರುದ್ಧ ಕಾನೂನು ರೀತ್ಯಾ ಕ್ರಮ ಕೈಗೊಳ್ಳಲಾಗುವುದು. ಈ ಆದೇಶವನ್ನು ಉಲ್ಲಂಘಿಸಿದಲ್ಲಿ ಅಂತವರ ಲೈಸನ್ಸ್ ರದ್ದು ಮಾಡಲಾಗುವುದು ಎಂದು ನಗರ ಸಭೆಯ ಪೌರಾಯುಕ್ತರು ಪ್ರಕಟಣೆಯಲ್ಲಿ ತಿಳಿಸಿದ್ದಾರೆ.
